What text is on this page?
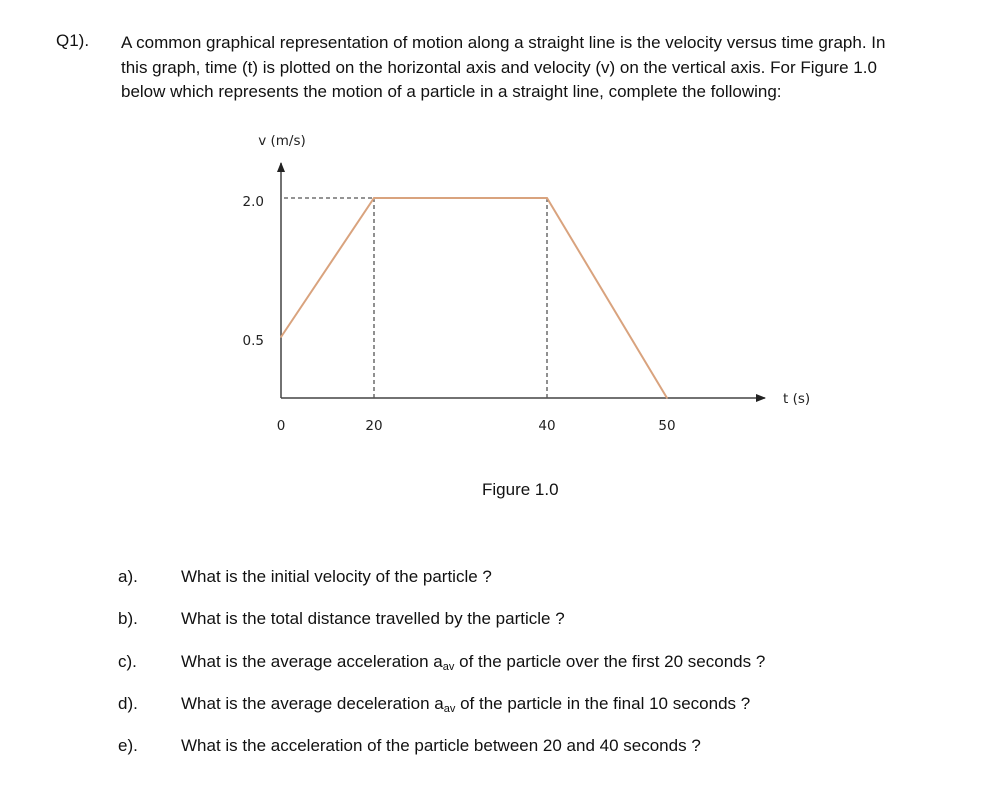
Q1). A common graphical representation of motion along a straight line is the velocity versus time graph. In
this graph, time (t) is plotted on the horizontal axis and velocity (v) on the vertical axis. For Figure 1.0
below which represents the motion of a particle in a straight line, complete the following:
v (m/s)
t (s)
0	20	40	50
0.5
2.0
Figure 1.0
a).	What is the initial velocity of the particle ?
b).	What is the total distance travelled by the particle ?
c).	What is the average acceleration $a_{av}$ of the particle over the first 20 seconds ?
d).	What is the average deceleration $a_{av}$ of the particle in the final 10 seconds ?
e).	What is the acceleration of the particle between 20 and 40 seconds ?
